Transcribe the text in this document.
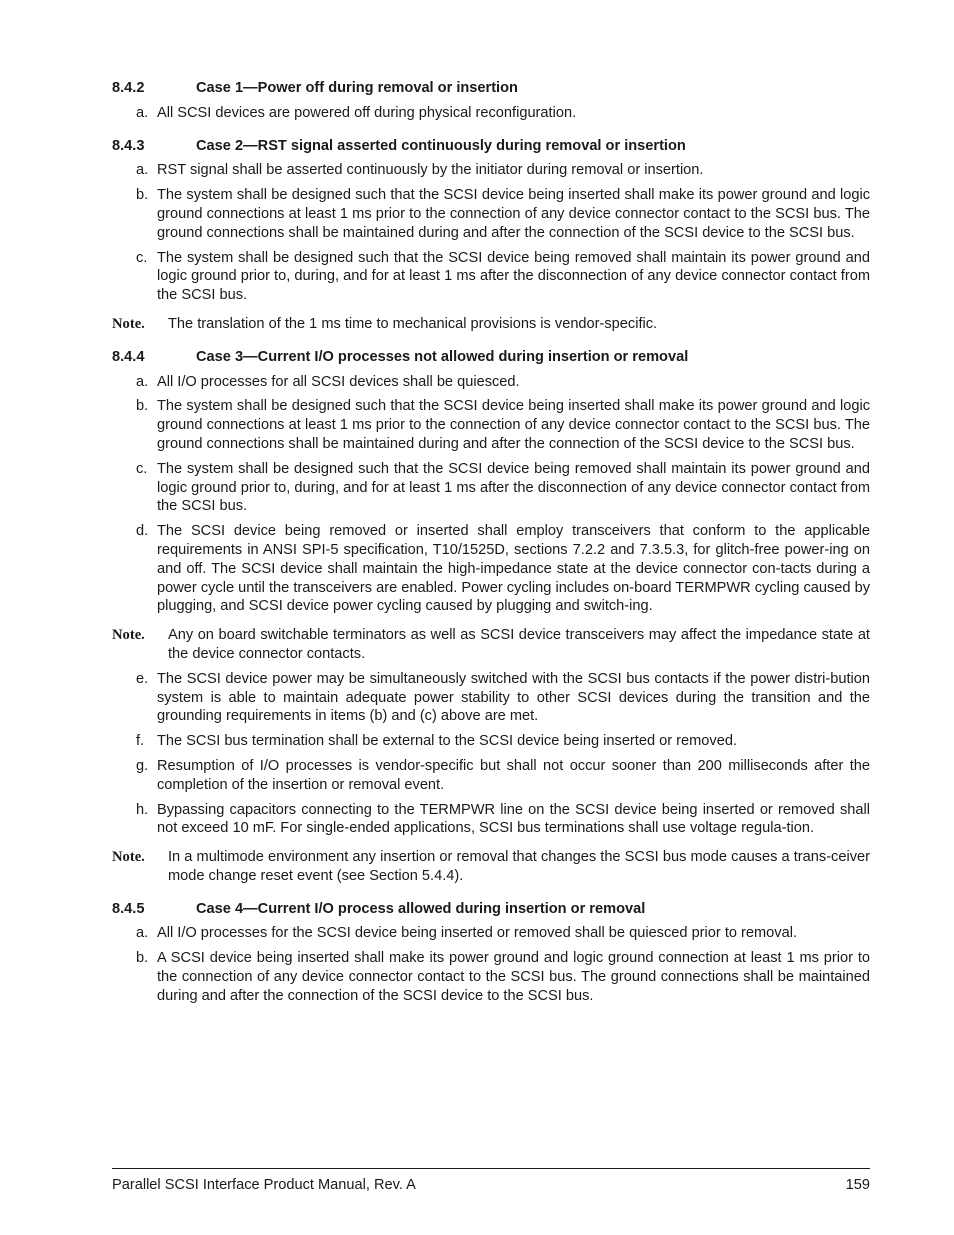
8.4.2	Case 1—Power off during removal or insertion
a. All SCSI devices are powered off during physical reconfiguration.
8.4.3	Case 2—RST signal asserted continuously during removal or insertion
a. RST signal shall be asserted continuously by the initiator during removal or insertion.
b. The system shall be designed such that the SCSI device being inserted shall make its power ground and logic ground connections at least 1 ms prior to the connection of any device connector contact to the SCSI bus. The ground connections shall be maintained during and after the connection of the SCSI device to the SCSI bus.
c. The system shall be designed such that the SCSI device being removed shall maintain its power ground and logic ground prior to, during, and for at least 1 ms after the disconnection of any device connector contact from the SCSI bus.
Note.	The translation of the 1 ms time to mechanical provisions is vendor-specific.
8.4.4	Case 3—Current I/O processes not allowed during insertion or removal
a. All I/O processes for all SCSI devices shall be quiesced.
b. The system shall be designed such that the SCSI device being inserted shall make its power ground and logic ground connections at least 1 ms prior to the connection of any device connector contact to the SCSI bus. The ground connections shall be maintained during and after the connection of the SCSI device to the SCSI bus.
c. The system shall be designed such that the SCSI device being removed shall maintain its power ground and logic ground prior to, during, and for at least 1 ms after the disconnection of any device connector contact from the SCSI bus.
d. The SCSI device being removed or inserted shall employ transceivers that conform to the applicable requirements in ANSI SPI-5 specification, T10/1525D, sections 7.2.2 and 7.3.5.3, for glitch-free power-ing on and off. The SCSI device shall maintain the high-impedance state at the device connector con-tacts during a power cycle until the transceivers are enabled. Power cycling includes on-board TERMPWR cycling caused by plugging, and SCSI device power cycling caused by plugging and switch-ing.
Note.	Any on board switchable terminators as well as SCSI device transceivers may affect the impedance state at the device connector contacts.
e. The SCSI device power may be simultaneously switched with the SCSI bus contacts if the power distri-bution system is able to maintain adequate power stability to other SCSI devices during the transition and the grounding requirements in items (b) and (c) above are met.
f. The SCSI bus termination shall be external to the SCSI device being inserted or removed.
g. Resumption of I/O processes is vendor-specific but shall not occur sooner than 200 milliseconds after the completion of the insertion or removal event.
h. Bypassing capacitors connecting to the TERMPWR line on the SCSI device being inserted or removed shall not exceed 10 mF. For single-ended applications, SCSI bus terminations shall use voltage regula-tion.
Note.	In a multimode environment any insertion or removal that changes the SCSI bus mode causes a trans-ceiver mode change reset event (see Section 5.4.4).
8.4.5	Case 4—Current I/O process allowed during insertion or removal
a. All I/O processes for the SCSI device being inserted or removed shall be quiesced prior to removal.
b. A SCSI device being inserted shall make its power ground and logic ground connection at least 1 ms prior to the connection of any device connector contact to the SCSI bus. The ground connections shall be maintained during and after the connection of the SCSI device to the SCSI bus.
Parallel SCSI Interface Product Manual, Rev. A	159
